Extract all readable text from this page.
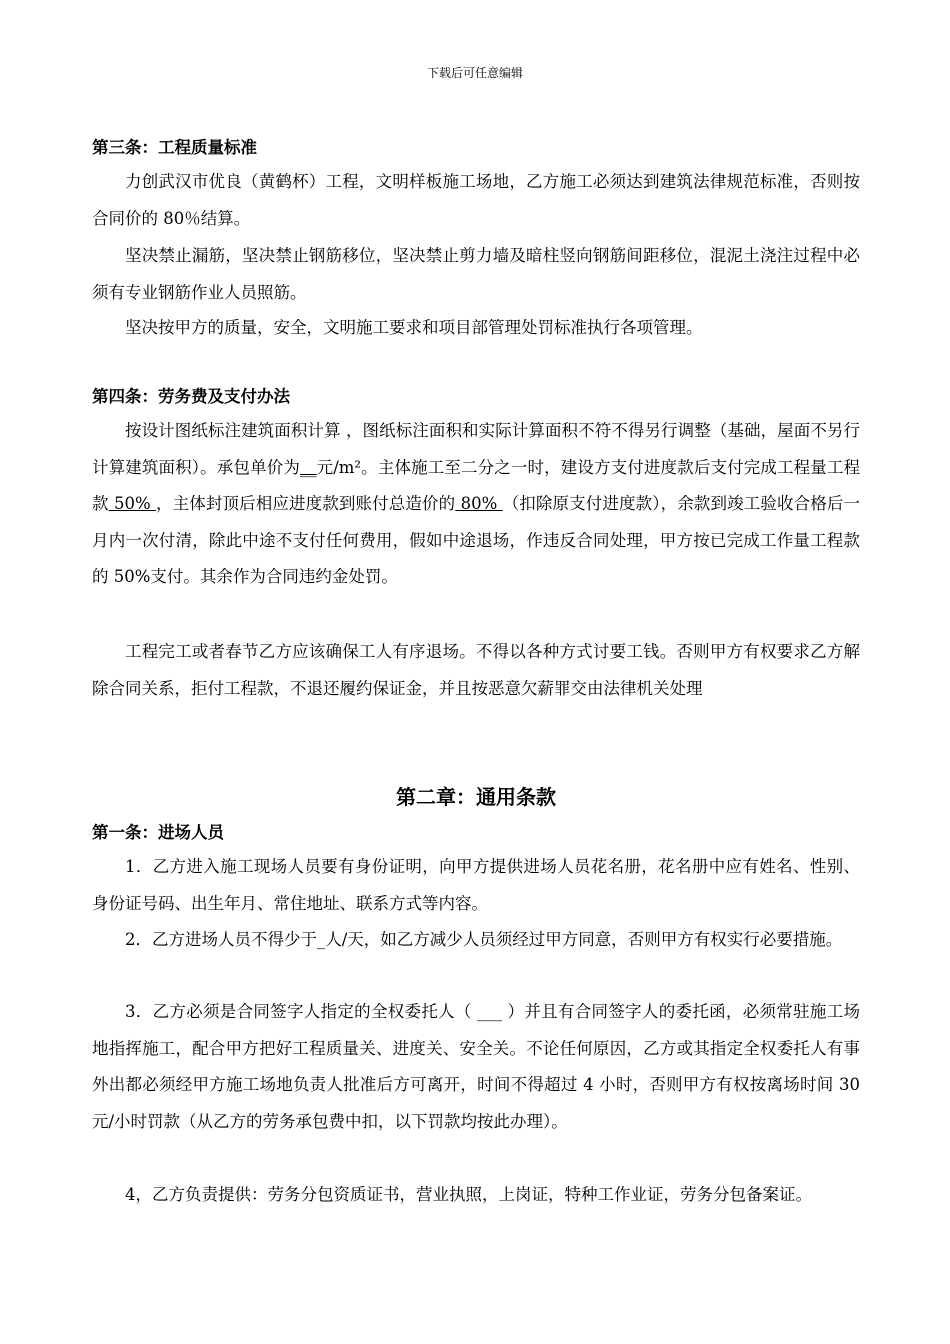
下载后可任意编辑
第三条：工程质量标准

力创武汉市优良（黄鹤杯）工程，文明样板施工场地，乙方施工必须达到建筑法律规范标准，否则按合同价的 80％结算。

坚决禁止漏筋，坚决禁止钢筋移位，坚决禁止剪力墙及暗柱竖向钢筋间距移位，混泥土浇注过程中必须有专业钢筋作业人员照筋。

坚决按甲方的质量，安全，文明施工要求和项目部管理处罚标准执行各项管理。

第四条：劳务费及支付办法

按设计图纸标注建筑面积计算 ，图纸标注面积和实际计算面积不符不得另行调整（基础，屋面不另行计算建筑面积）。承包单价为__元/m²。主体施工至二分之一时，建设方支付进度款后支付完成工程量工程款 50% ，主体封顶后相应进度款到账付总造价的 80% （扣除原支付进度款），余款到竣工验收合格后一月内一次付清，除此中途不支付任何费用，假如中途退场，作违反合同处理，甲方按已完成工作量工程款的 50%支付。其余作为合同违约金处罚。

工程完工或者春节乙方应该确保工人有序退场。不得以各种方式讨要工钱。否则甲方有权要求乙方解除合同关系，拒付工程款，不退还履约保证金，并且按恶意欠薪罪交由法律机关处理

第二章：通用条款
第一条：进场人员

1．乙方进入施工现场人员要有身份证明，向甲方提供进场人员花名册，花名册中应有姓名、性别、身份证号码、出生年月、常住地址、联系方式等内容。

2．乙方进场人员不得少于_人/天，如乙方减少人员须经过甲方同意，否则甲方有权实行必要措施。

3．乙方必须是合同签字人指定的全权委托人（ ___ ）并且有合同签字人的委托函，必须常驻施工场地指挥施工，配合甲方把好工程质量关、进度关、安全关。不论任何原因，乙方或其指定全权委托人有事外出都必须经甲方施工场地负责人批准后方可离开，时间不得超过 4 小时，否则甲方有权按离场时间 30 元/小时罚款（从乙方的劳务承包费中扣，以下罚款均按此办理）。

4，乙方负责提供：劳务分包资质证书，营业执照，上岗证，特种工作业证，劳务分包备案证。
